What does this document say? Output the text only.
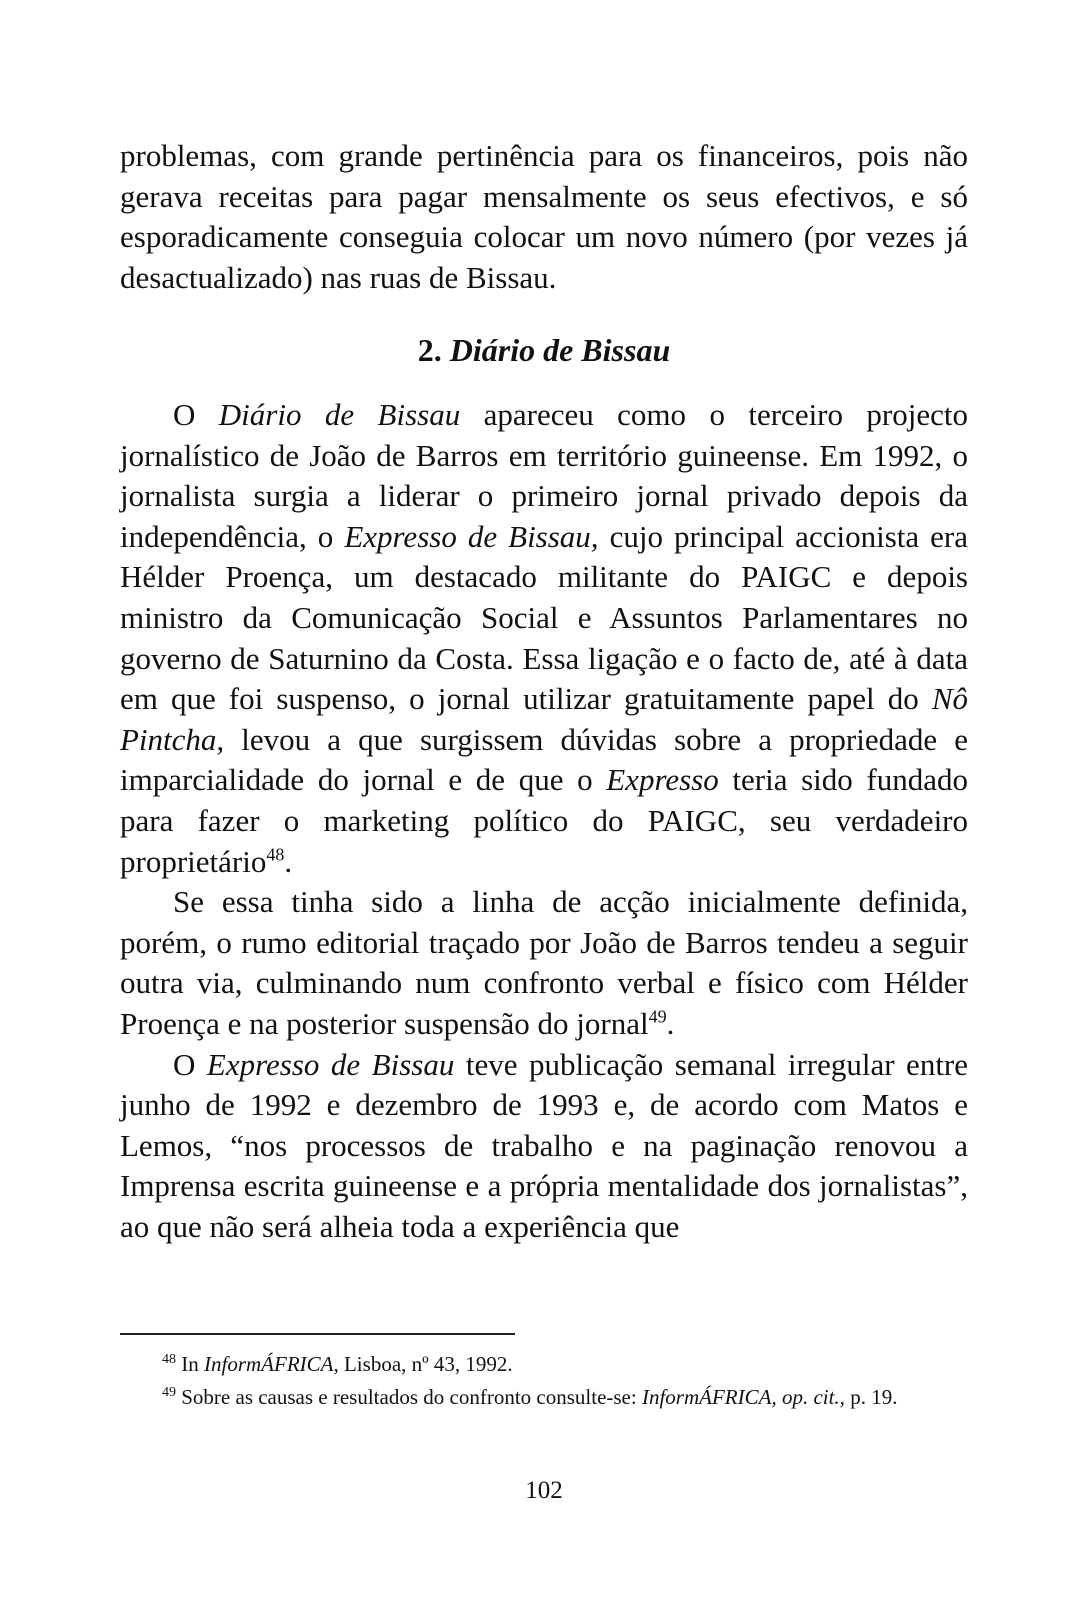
problemas, com grande pertinência para os financeiros, pois não gerava receitas para pagar mensalmente os seus efectivos, e só esporadicamente conseguia colocar um novo número (por vezes já desactualizado) nas ruas de Bissau.

2. Diário de Bissau

O Diário de Bissau apareceu como o terceiro projecto jornalístico de João de Barros em território guineense. Em 1992, o jornalista surgia a liderar o primeiro jornal privado depois da independência, o Expresso de Bissau, cujo principal accionista era Hélder Proença, um destacado militante do PAIGC e depois ministro da Comunicação Social e Assuntos Parlamentares no governo de Saturnino da Costa. Essa ligação e o facto de, até à data em que foi suspenso, o jornal utilizar gratuitamente papel do Nô Pintcha, levou a que surgissem dúvidas sobre a propriedade e imparcialidade do jornal e de que o Expresso teria sido fundado para fazer o marketing político do PAIGC, seu verdadeiro proprietário$^{48}$.

Se essa tinha sido a linha de acção inicialmente definida, porém, o rumo editorial traçado por João de Barros tendeu a seguir outra via, culminando num confronto verbal e físico com Hélder Proença e na posterior suspensão do jornal$^{49}$.

O Expresso de Bissau teve publicação semanal irregular entre junho de 1992 e dezembro de 1993 e, de acordo com Matos e Lemos, “nos processos de trabalho e na paginação renovou a Imprensa escrita guineense e a própria mentalidade dos jornalistas”, ao que não será alheia toda a experiência que

$^{48}$ In InformÁFRICA, Lisboa, nº 43, 1992.

$^{49}$ Sobre as causas e resultados do confronto consulte-se: InformÁFRICA, op. cit., p. 19.

102
